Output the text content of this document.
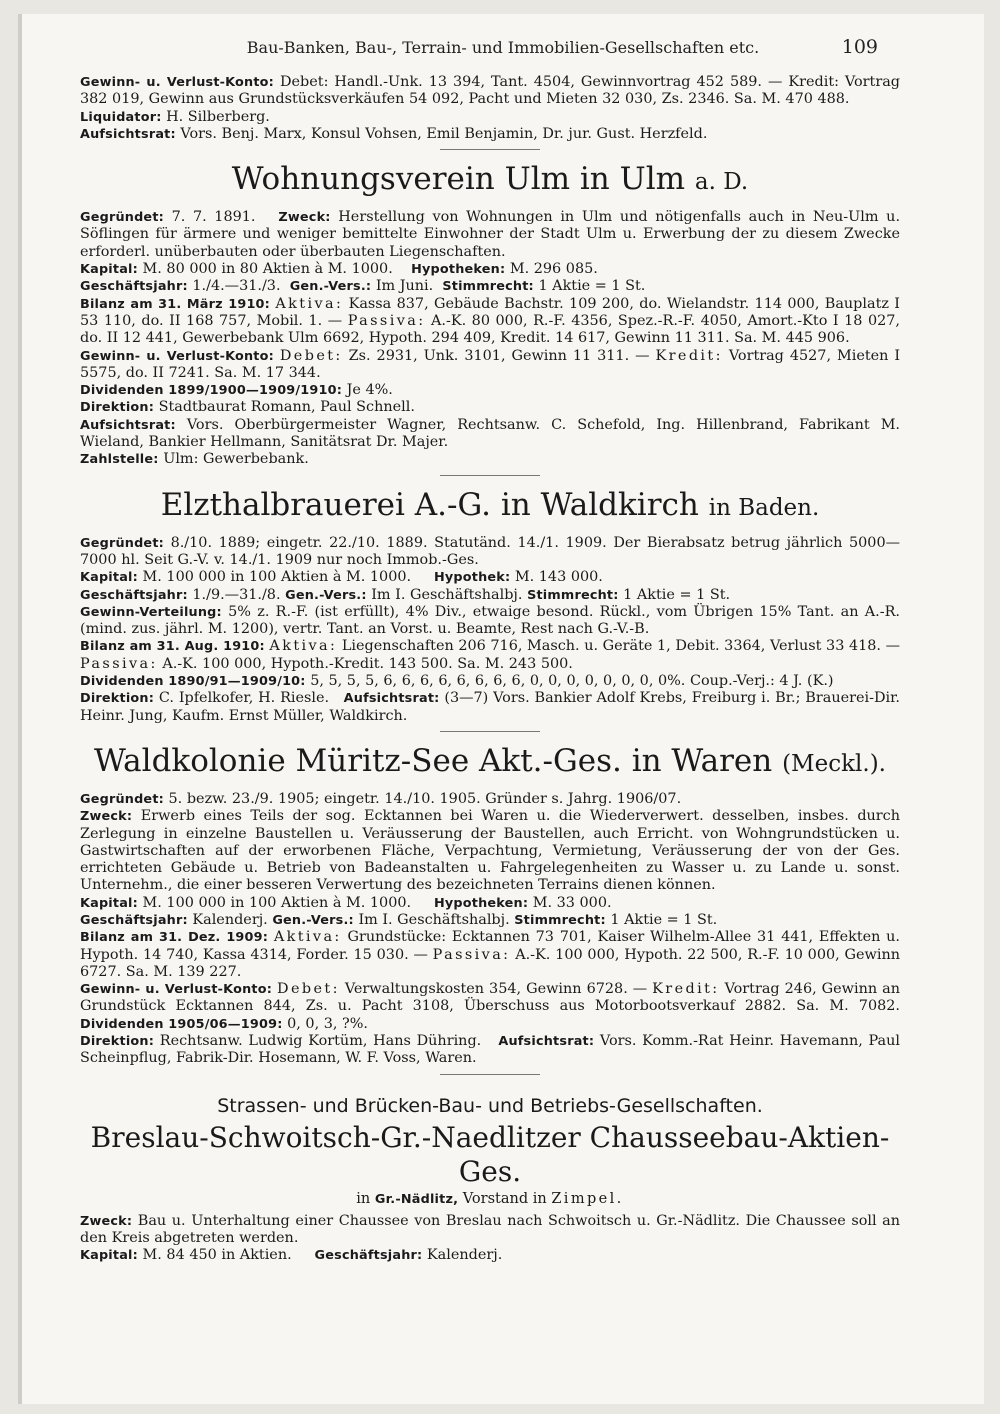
Bau-Banken, Bau-, Terrain- und Immobilien-Gesellschaften etc.	109

Gewinn- u. Verlust-Konto: Debet: Handl.-Unk. 13 394, Tant. 4504, Gewinnvortrag 452 589. — Kredit: Vortrag 382 019, Gewinn aus Grundstücksverkäufen 54 092, Pacht und Mieten 32 030, Zs. 2346. Sa. M. 470 488.

Liquidator: H. Silberberg.

Aufsichtsrat: Vors. Benj. Marx, Konsul Vohsen, Emil Benjamin, Dr. jur. Gust. Herzfeld.

Wohnungsverein Ulm in Ulm a. D.

Gegründet: 7. 7. 1891. Zweck: Herstellung von Wohnungen in Ulm und nötigenfalls auch in Neu-Ulm u. Söflingen für ärmere und weniger bemittelte Einwohner der Stadt Ulm u. Erwerbung der zu diesem Zwecke erforderl. unüberbauten oder überbauten Liegenschaften.

Kapital: M. 80 000 in 80 Aktien à M. 1000. Hypotheken: M. 296 085.

Geschäftsjahr: 1./4.—31./3. Gen.-Vers.: Im Juni. Stimmrecht: 1 Aktie = 1 St.

Bilanz am 31. März 1910: Aktiva: Kassa 837, Gebäude Bachstr. 109 200, do. Wielandstr. 114 000, Bauplatz I 53 110, do. II 168 757, Mobil. 1. — Passiva: A.-K. 80 000, R.-F. 4356, Spez.-R.-F. 4050, Amort.-Kto I 18 027, do. II 12 441, Gewerbebank Ulm 6692, Hypoth. 294 409, Kredit. 14 617, Gewinn 11 311. Sa. M. 445 906.

Gewinn- u. Verlust-Konto: Debet: Zs. 2931, Unk. 3101, Gewinn 11 311. — Kredit: Vortrag 4527, Mieten I 5575, do. II 7241. Sa. M. 17 344.

Dividenden 1899/1900—1909/1910: Je 4%.

Direktion: Stadtbaurat Romann, Paul Schnell.

Aufsichtsrat: Vors. Oberbürgermeister Wagner, Rechtsanw. C. Schefold, Ing. Hillenbrand, Fabrikant M. Wieland, Bankier Hellmann, Sanitätsrat Dr. Majer.

Zahlstelle: Ulm: Gewerbebank.

Elzthalbrauerei A.-G. in Waldkirch in Baden.

Gegründet: 8./10. 1889; eingetr. 22./10. 1889. Statutänd. 14./1. 1909. Der Bierabsatz betrug jährlich 5000—7000 hl. Seit G.-V. v. 14./1. 1909 nur noch Immob.-Ges.

Kapital: M. 100 000 in 100 Aktien à M. 1000. Hypothek: M. 143 000.

Geschäftsjahr: 1./9.—31./8. Gen.-Vers.: Im I. Geschäftshalbj. Stimmrecht: 1 Aktie = 1 St.

Gewinn-Verteilung: 5% z. R.-F. (ist erfüllt), 4% Div., etwaige besond. Rückl., vom Übrigen 15% Tant. an A.-R. (mind. zus. jährl. M. 1200), vertr. Tant. an Vorst. u. Beamte, Rest nach G.-V.-B.

Bilanz am 31. Aug. 1910: Aktiva: Liegenschaften 206 716, Masch. u. Geräte 1, Debit. 3364, Verlust 33 418. — Passiva: A.-K. 100 000, Hypoth.-Kredit. 143 500. Sa. M. 243 500.

Dividenden 1890/91—1909/10: 5, 5, 5, 5, 6, 6, 6, 6, 6, 6, 6, 6, 0, 0, 0, 0, 0, 0, 0, 0%. Coup.-Verj.: 4 J. (K.)

Direktion: C. Ipfelkofer, H. Riesle. Aufsichtsrat: (3—7) Vors. Bankier Adolf Krebs, Freiburg i. Br.; Brauerei-Dir. Heinr. Jung, Kaufm. Ernst Müller, Waldkirch.

Waldkolonie Müritz-See Akt.-Ges. in Waren (Meckl.).

Gegründet: 5. bezw. 23./9. 1905; eingetr. 14./10. 1905. Gründer s. Jahrg. 1906/07.

Zweck: Erwerb eines Teils der sog. Ecktannen bei Waren u. die Wiederverwert. desselben, insbes. durch Zerlegung in einzelne Baustellen u. Veräusserung der Baustellen, auch Erricht. von Wohngrundstücken u. Gastwirtschaften auf der erworbenen Fläche, Verpachtung, Vermietung, Veräusserung der von der Ges. errichteten Gebäude u. Betrieb von Badeanstalten u. Fahrgelegenheiten zu Wasser u. zu Lande u. sonst. Unternehm., die einer besseren Verwertung des bezeichneten Terrains dienen können.

Kapital: M. 100 000 in 100 Aktien à M. 1000. Hypotheken: M. 33 000.

Geschäftsjahr: Kalenderj. Gen.-Vers.: Im I. Geschäftshalbj. Stimmrecht: 1 Aktie = 1 St.

Bilanz am 31. Dez. 1909: Aktiva: Grundstücke: Ecktannen 73 701, Kaiser Wilhelm-Allee 31 441, Effekten u. Hypoth. 14 740, Kassa 4314, Forder. 15 030. — Passiva: A.-K. 100 000, Hypoth. 22 500, R.-F. 10 000, Gewinn 6727. Sa. M. 139 227.

Gewinn- u. Verlust-Konto: Debet: Verwaltungskosten 354, Gewinn 6728. — Kredit: Vortrag 246, Gewinn an Grundstück Ecktannen 844, Zs. u. Pacht 3108, Überschuss aus Motorbootsverkauf 2882. Sa. M. 7082. Dividenden 1905/06—1909: 0, 0, 3, ?%.

Direktion: Rechtsanw. Ludwig Kortüm, Hans Dühring. Aufsichtsrat: Vors. Komm.-Rat Heinr. Havemann, Paul Scheinpflug, Fabrik-Dir. Hosemann, W. F. Voss, Waren.

Strassen- und Brücken-Bau- und Betriebs-Gesellschaften.
Breslau-Schwoitsch-Gr.-Naedlitzer Chausseebau-Aktien-Ges.
in Gr.-Nädlitz, Vorstand in Zimpel.

Zweck: Bau u. Unterhaltung einer Chaussee von Breslau nach Schwoitsch u. Gr.-Nädlitz. Die Chaussee soll an den Kreis abgetreten werden.

Kapital: M. 84 450 in Aktien. Geschäftsjahr: Kalenderj.
